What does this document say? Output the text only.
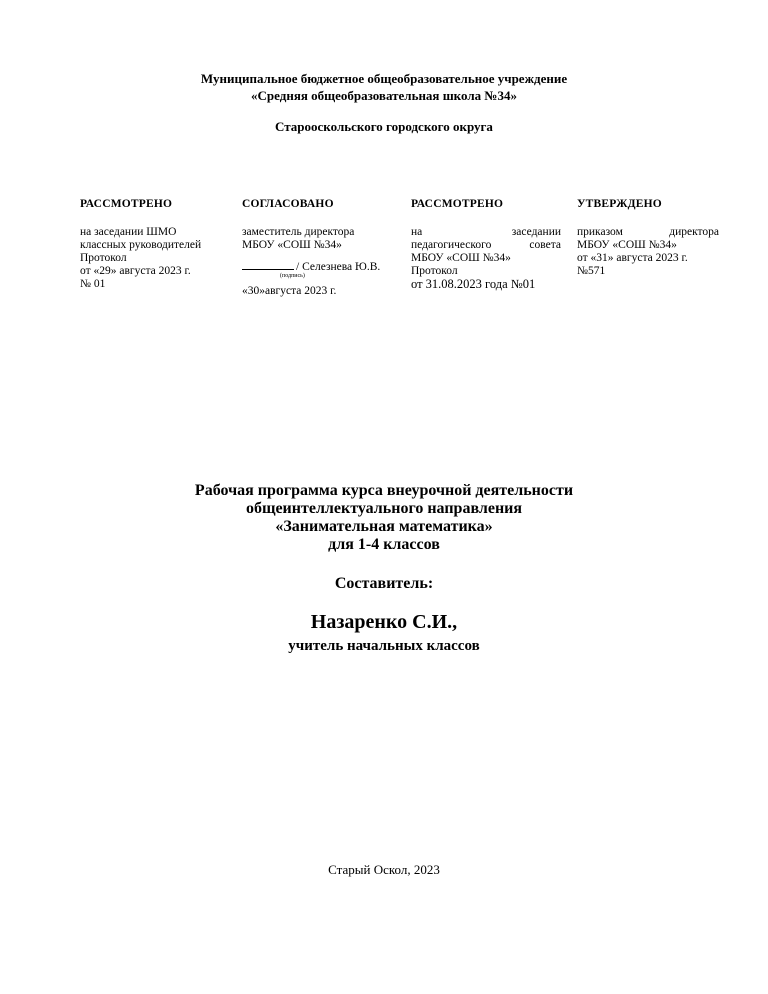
Муниципальное бюджетное общеобразовательное учреждение
«Средняя общеобразовательная школа №34»
Старооскольского городского округа
РАССМОТРЕНО
на заседании ШМО
классных руководителей
Протокол
от «29» августа 2023 г.
№ 01
СОГЛАСОВАНО
заместитель директора
МБОУ «СОШ №34»
/ Селезнева Ю.В.
(подпись)
«30»августа 2023 г.
РАССМОТРЕНО
на	заседании
педагогического	совета
МБОУ «СОШ №34»
Протокол
от 31.08.2023 года №01
УТВЕРЖДЕНО
приказом	директора
МБОУ «СОШ №34»
от «31» августа 2023 г.
№571
Рабочая программа курса внеурочной деятельности
общеинтеллектуального направления
«Занимательная математика»
для 1-4 классов
Составитель:
Назаренко С.И.,
учитель начальных классов
Старый Оскол, 2023
